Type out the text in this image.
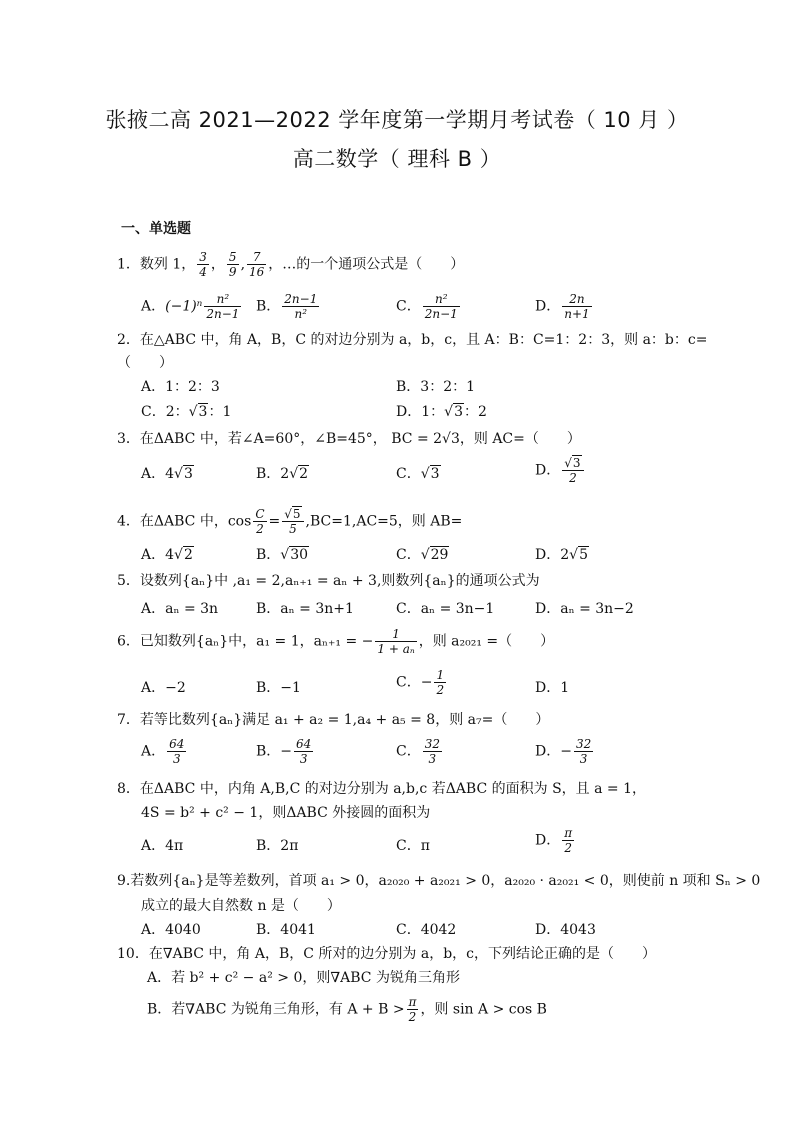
张掖二高 2021—2022 学年度第一学期月考试卷（ 10 月 ）
高二数学（ 理科 B ）
一、单选题
1．数列 1， $\frac{3}{4}$ ， $\frac{5}{9}$ , $\frac{7}{16}$ ，…的一个通项公式是（　　）
A．$(-1)^n \frac{\text{n²}}{2n-1}$ B． $\frac{2n-1}{\text{n²}}$	C． $\frac{\text{n²}}{2n-1}$	D． $\frac{2n}{n+1}$
2．在△ABC 中，角 A，B，C 的对边分别为 a，b，c，且 A：B：C=1：2：3，则 a：b：c=
（　　）
A．1：2：3	B．3：2：1
C．2：√3：1	D．1：√3：2
3．在ΔABC 中，若∠A=60°，∠B=45°， BC = 2√3，则 AC=（　　）
A．4√3	B．2√2	C．√3	D． $\frac{√3}{2}$
4．在ΔABC 中，$\cos \frac{C}{2} = \frac{√5}{5} ,BC=1,AC=5$，则 AB=
A．4√2	B．√30	C．√29	D．2√5
5．设数列{aₙ}中 ,a₁ = 2,aₙ₊₁ = aₙ + 3,则数列{aₙ}的通项公式为
A．aₙ = 3n	B．aₙ = 3n+1	C．aₙ = 3n−1	D．aₙ = 3n−2
6．已知数列{aₙ}中，a₁ = 1，aₙ₊₁ = − $\frac{1}{\text{1 + aₙ}}$ ，则 a₂₀₂₁ =（　　）
A．−2	B．−1	C．− $\frac{1}{2}$	D．1
7．若等比数列{aₙ}满足 a₁ + a₂ = 1,a₄ + a₅ = 8，则 a₇=（　　）
A． $\frac{64}{3}$	B．− $\frac{64}{3}$	C． $\frac{32}{3}$	D．− $\frac{32}{3}$
8．在ΔABC 中，内角 A,B,C 的对边分别为 a,b,c 若ΔABC 的面积为 S，且 a = 1，
4S = b² + c² − 1，则ΔABC 外接圆的面积为
A．4π	B．2π	C．π	D． $\frac{\pi}{2}$
9.若数列{aₙ}是等差数列，首项 a₁ > 0，a₂₀₂₀ + a₂₀₂₁ > 0，a₂₀₂₀ · a₂₀₂₁ < 0，则使前 n 项和 Sₙ > 0
成立的最大自然数 n 是（　　）
A．4040	B．4041	C．4042	D．4043
10．在∇ABC 中，角 A，B，C 所对的边分别为 a，b，c，下列结论正确的是（　　）
A．若 b² + c² − a² > 0，则∇ABC 为锐角三角形
B．若∇ABC 为锐角三角形，有 $A + B > \frac{\pi}{2}$ ，则 sin A > cos B
